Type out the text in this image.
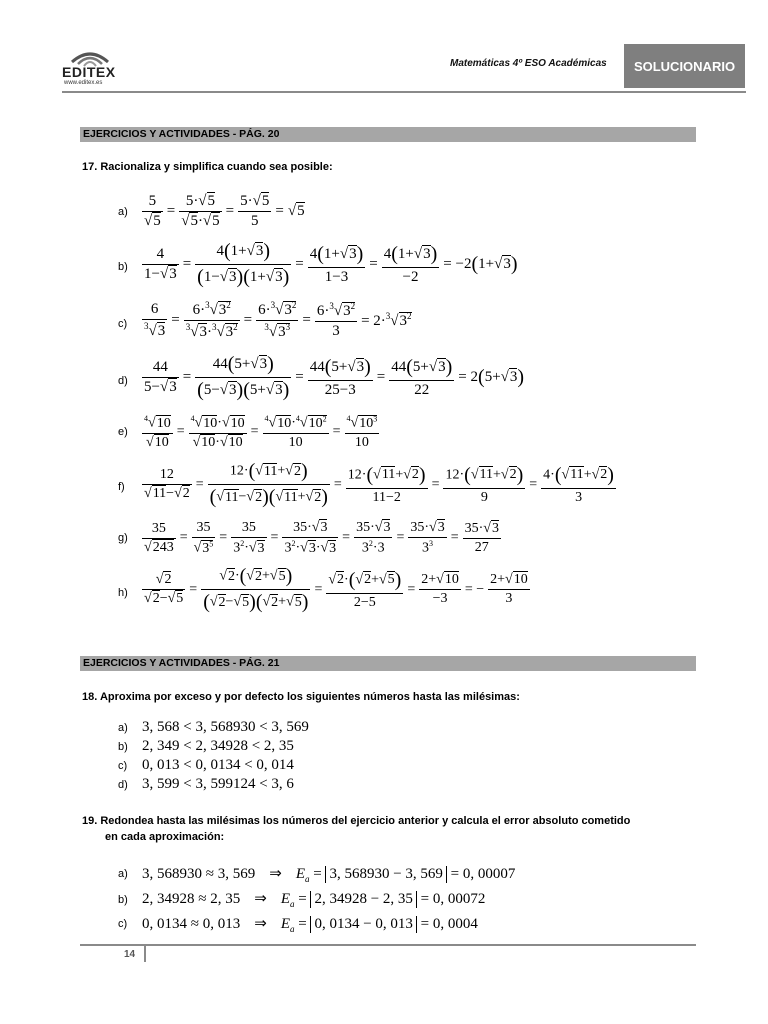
EDITEX
www.editex.es
Matemáticas 4º ESO Académicas SOLUCIONARIO
EJERCICIOS Y ACTIVIDADES - PÁG. 20
17. Racionaliza y simplifica cuando sea posible:
a)
b)
c)
d)
e)
f)
g)
h)
$\frac{5}{√5} = \frac{5\cdot√5}{√5\cdot√5} = \frac{5\cdot√5}{5} = √5$
$\frac{4}{1-√3} = \frac{4(1+√3)}{(1-√3)(1+√3)} = \frac{4(1+√3)}{1-3} = \frac{4(1+√3)}{-2} = -2(1+√3)$
$\frac{6}{^3√3} = \frac{6\cdot^3√3^2}{^3√3\cdot^3√3^2} = \frac{6\cdot^3√3^2}{^3√3^3} = \frac{6\cdot^3√3^2}{3} = 2\cdot^3√3^2$
$\frac{44}{5-√3} = \frac{44(5+√3)}{(5-√3)(5+√3)} = \frac{44(5+√3)}{25-3} = \frac{44(5+√3)}{22} = 2(5+√3)$
$\frac{^4√10}{√10} = \frac{^4√10\cdot√10}{√10\cdot√10} = \frac{^4√10\cdot^4√10^2}{10} = \frac{^4√10^3}{10}$
$\frac{12}{√11-√2} = \frac{12\cdot(√11+√2)}{(√11-√2)(√11+√2)} = \frac{12\cdot(√11+√2)}{11-2} = \frac{12\cdot(√11+√2)}{9} = \frac{4\cdot(√11+√2)}{3}$
$\frac{35}{√243} = \frac{35}{√3^5} = \frac{35}{3^2\cdot√3} = \frac{35\cdot√3}{3^2\cdot√3\cdot√3} = \frac{35\cdot√3}{3^2\cdot 3} = \frac{35\cdot√3}{3^3} = \frac{35\cdot√3}{27}$
$\frac{√2}{√2-√5} = \frac{√2\cdot(√2+√5)}{(√2-√5)(√2+√5)} = \frac{√2\cdot(√2+√5)}{2-5} = \frac{2+√10}{-3}$ = − $\frac{2+√10}{3}$
EJERCICIOS Y ACTIVIDADES - PÁG. 21
18. Aproxima por exceso y por defecto los siguientes números hasta las milésimas:
a) 3, 568 < 3, 568930 < 3, 569
b) 2, 349 < 2, 34928 < 2, 35
c) 0, 013 < 0, 0134 < 0, 014
d) 3, 599 < 3, 599124 < 3, 6
19. Redondea hasta las milésimas los números del ejercicio anterior y calcula el error absoluto cometido
en cada aproximación:
a) 3, 568930 ≈ 3, 569 ⇒ $E_a = 3$, 568930 − 3, 569 = 0, 00007
b) 2, 34928 ≈ 2, 35 ⇒ $E_a = 2$, 34928 − 2, 35 = 0, 00072
c) 0, 0134 ≈ 0, 013 ⇒ $E_a = 0$, 0134 − 0, 013 = 0, 0004
14
